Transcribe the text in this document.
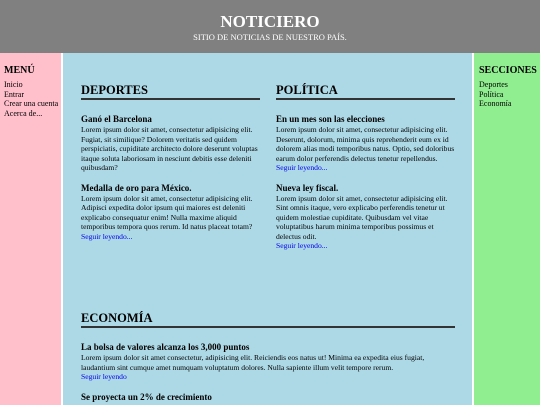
NOTICIERO
SITIO DE NOTICIAS DE NUESTRO PAÍS.
MENÚ
Inicio
Entrar
Crear una cuenta
Acerca de...
SECCIONES
Deportes
Política
Economía
DEPORTES
Ganó el Barcelona
Lorem ipsum dolor sit amet, consectetur adipisicing elit. Fugiat, sit similique? Dolorem veritatis sed quidem perspiciatis, cupiditate architecto dolore deserunt voluptas itaque soluta laboriosam in nesciunt debitis esse deleniti quibusdam?
Medalla de oro para México.
Lorem ipsum dolor sit amet, consectetur adipisicing elit. Adipisci expedita dolor ipsum qui maiores est deleniti explicabo consequatur enim! Nulla maxime aliquid temporibus tempora quos rerum. Id natus placeat totam?
Seguir leyendo...
POLÍTICA
En un mes son las elecciones
Lorem ipsum dolor sit amet, consectetur adipisicing elit. Deserunt, dolorum, minima quis reprehenderit eum ex id dolorem alias modi temporibus natus. Optio, sed doloribus earum dolor perferendis delectus tenetur repellendus.
Seguir leyendo...
Nueva ley fiscal.
Lorem ipsum dolor sit amet, consectetur adipisicing elit. Sint omnis itaque, vero explicabo perferendis tenetur ut quidem molestiae cupiditate. Quibusdam vel vitae voluptatibus harum minima temporibus possimus et delectus odit.
Seguir leyendo...
ECONOMÍA
La bolsa de valores alcanza los 3,000 puntos
Lorem ipsum dolor sit amet consectetur, adipisicing elit. Reiciendis eos natus ut! Minima ea expedita eius fugiat, laudantium sint cumque amet numquam voluptatum dolores. Nulla sapiente illum velit tempore rerum.
Seguir leyendo
Se proyecta un 2% de crecimiento
